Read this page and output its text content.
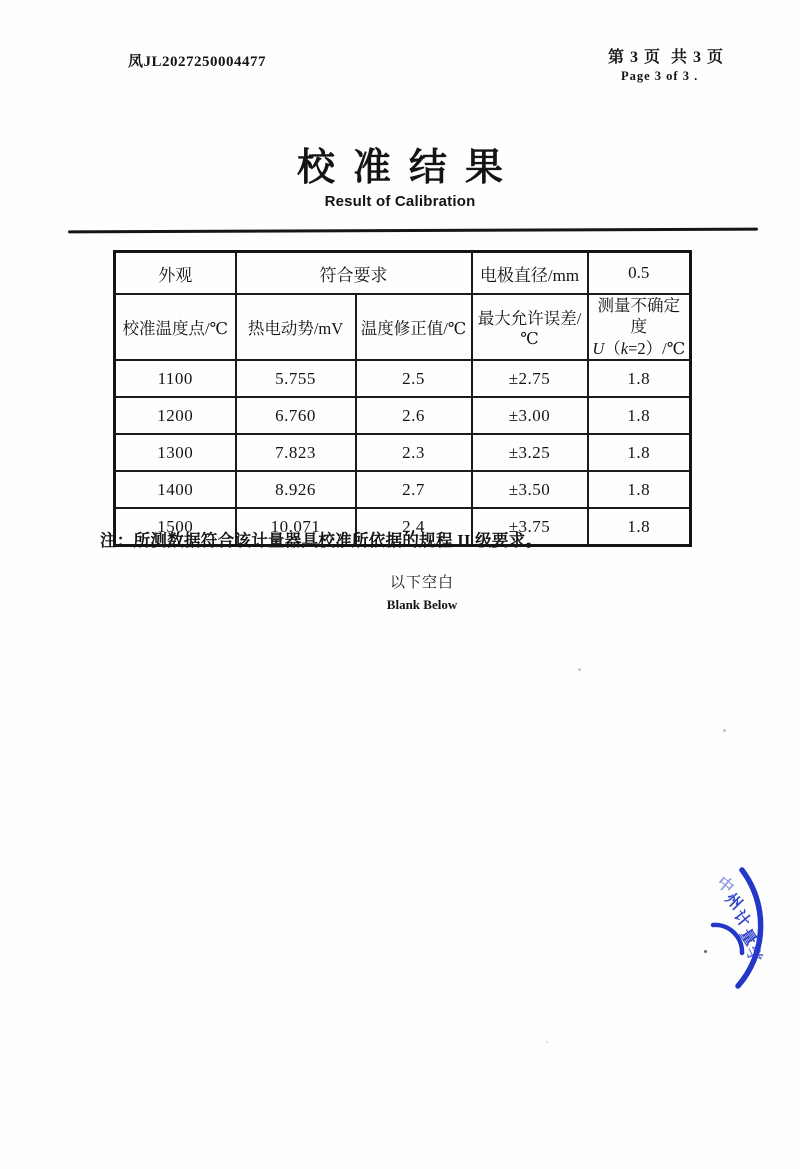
凤JL2027250004477	第 3 页  共 3 页
Page 3 of 3 .
校准结果
Result of Calibration
外观	符合要求		电极直径/mm	0.5
校准温度点/℃	热电动势/mV	温度修正值/℃	最大允许误差/℃	测量不确定度
U（k=2）/℃
1100	5.755	2.5	±2.75	1.8
1200	6.760	2.6	±3.00	1.8
1300	7.823	2.3	±3.25	1.8
1400	8.926	2.7	±3.50	1.8
1500	10.071	2.4	±3.75	1.8
注：所测数据符合该计量器具校准所依据的规程 II 级要求。
以下空白
Blank Below
中
州
计
量
学
